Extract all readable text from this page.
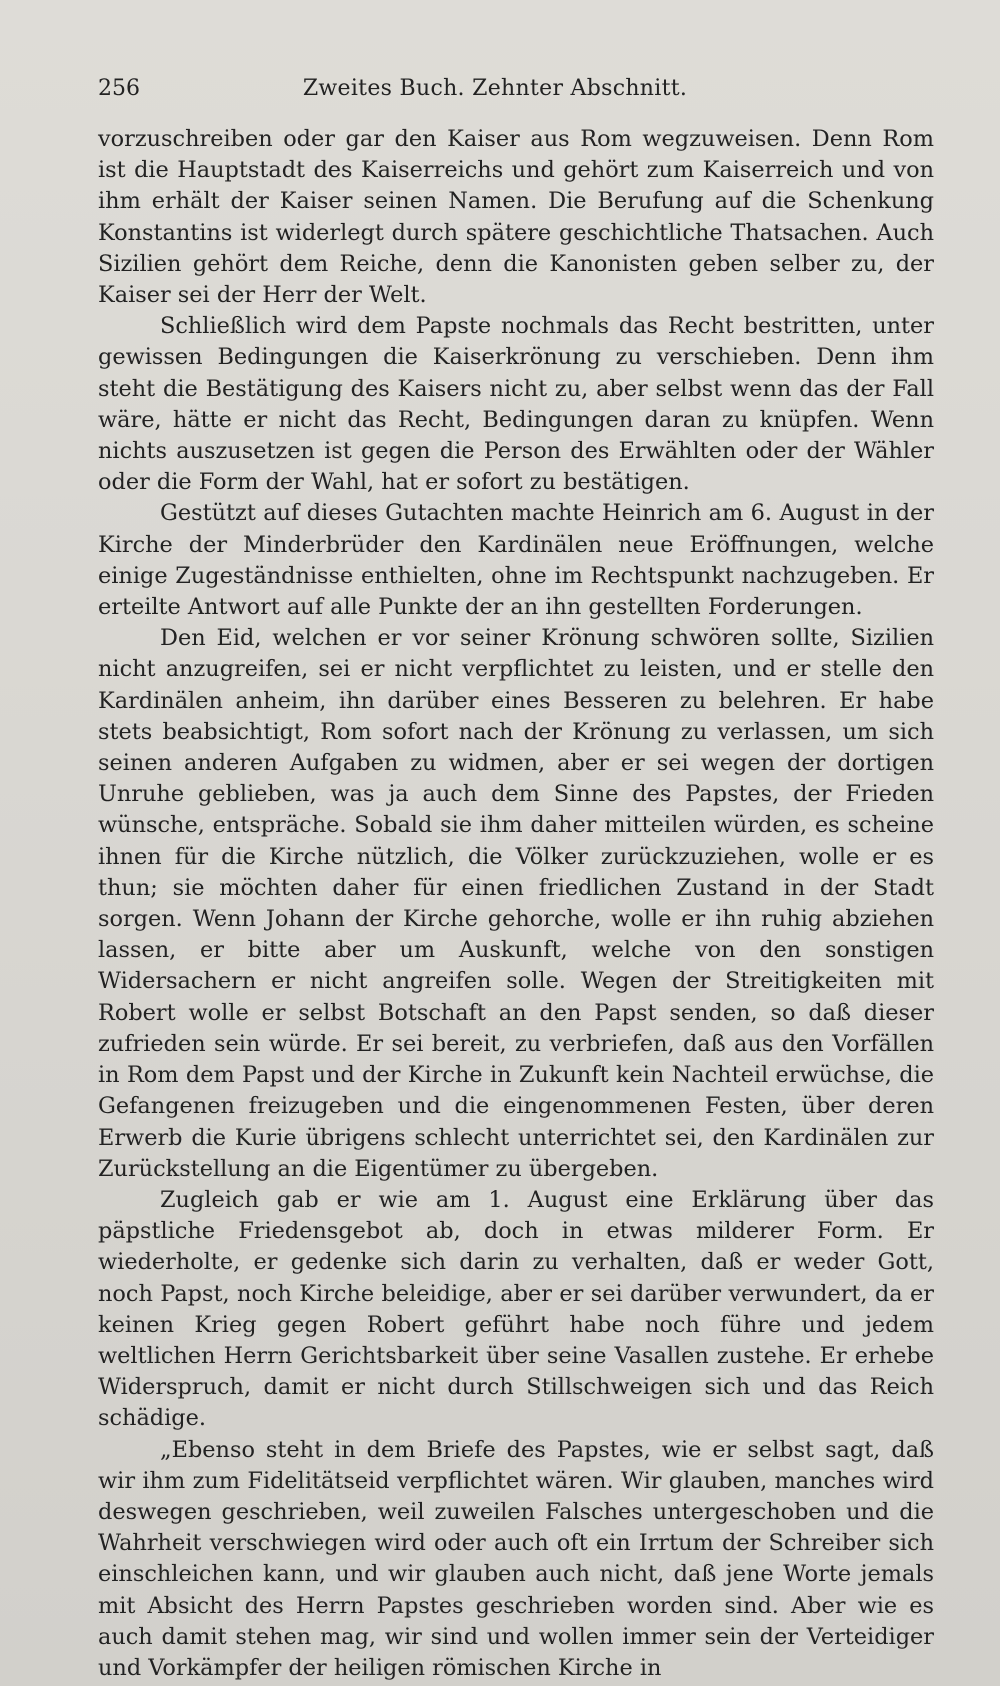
256	Zweites Buch. Zehnter Abschnitt.

vorzuschreiben oder gar den Kaiser aus Rom wegzuweisen. Denn Rom ist die Hauptstadt des Kaiserreichs und gehört zum Kaiserreich und von ihm erhält der Kaiser seinen Namen. Die Berufung auf die Schenkung Konstantins ist widerlegt durch spätere geschichtliche Thatsachen. Auch Sizilien gehört dem Reiche, denn die Kanonisten geben selber zu, der Kaiser sei der Herr der Welt.

Schließlich wird dem Papste nochmals das Recht bestritten, unter gewissen Bedingungen die Kaiserkrönung zu verschieben. Denn ihm steht die Bestätigung des Kaisers nicht zu, aber selbst wenn das der Fall wäre, hätte er nicht das Recht, Bedingungen daran zu knüpfen. Wenn nichts auszusetzen ist gegen die Person des Erwählten oder der Wähler oder die Form der Wahl, hat er sofort zu bestätigen.

Gestützt auf dieses Gutachten machte Heinrich am 6. August in der Kirche der Minderbrüder den Kardinälen neue Eröffnungen, welche einige Zugeständnisse enthielten, ohne im Rechtspunkt nachzugeben. Er erteilte Antwort auf alle Punkte der an ihn gestellten Forderungen.

Den Eid, welchen er vor seiner Krönung schwören sollte, Sizilien nicht anzugreifen, sei er nicht verpflichtet zu leisten, und er stelle den Kardinälen anheim, ihn darüber eines Besseren zu belehren. Er habe stets beabsichtigt, Rom sofort nach der Krönung zu verlassen, um sich seinen anderen Aufgaben zu widmen, aber er sei wegen der dortigen Unruhe geblieben, was ja auch dem Sinne des Papstes, der Frieden wünsche, entspräche. Sobald sie ihm daher mitteilen würden, es scheine ihnen für die Kirche nützlich, die Völker zurückzuziehen, wolle er es thun; sie möchten daher für einen friedlichen Zustand in der Stadt sorgen. Wenn Johann der Kirche gehorche, wolle er ihn ruhig abziehen lassen, er bitte aber um Auskunft, welche von den sonstigen Widersachern er nicht angreifen solle. Wegen der Streitigkeiten mit Robert wolle er selbst Botschaft an den Papst senden, so daß dieser zufrieden sein würde. Er sei bereit, zu verbriefen, daß aus den Vorfällen in Rom dem Papst und der Kirche in Zukunft kein Nachteil erwüchse, die Gefangenen freizugeben und die eingenommenen Festen, über deren Erwerb die Kurie übrigens schlecht unterrichtet sei, den Kardinälen zur Zurückstellung an die Eigentümer zu übergeben.

Zugleich gab er wie am 1. August eine Erklärung über das päpstliche Friedensgebot ab, doch in etwas milderer Form. Er wiederholte, er gedenke sich darin zu verhalten, daß er weder Gott, noch Papst, noch Kirche beleidige, aber er sei darüber verwundert, da er keinen Krieg gegen Robert geführt habe noch führe und jedem weltlichen Herrn Gerichtsbarkeit über seine Vasallen zustehe. Er erhebe Widerspruch, damit er nicht durch Stillschweigen sich und das Reich schädige.

„Ebenso steht in dem Briefe des Papstes, wie er selbst sagt, daß wir ihm zum Fidelitätseid verpflichtet wären. Wir glauben, manches wird deswegen geschrieben, weil zuweilen Falsches untergeschoben und die Wahrheit verschwiegen wird oder auch oft ein Irrtum der Schreiber sich einschleichen kann, und wir glauben auch nicht, daß jene Worte jemals mit Absicht des Herrn Papstes geschrieben worden sind. Aber wie es auch damit stehen mag, wir sind und wollen immer sein der Verteidiger und Vorkämpfer der heiligen römischen Kirche in
